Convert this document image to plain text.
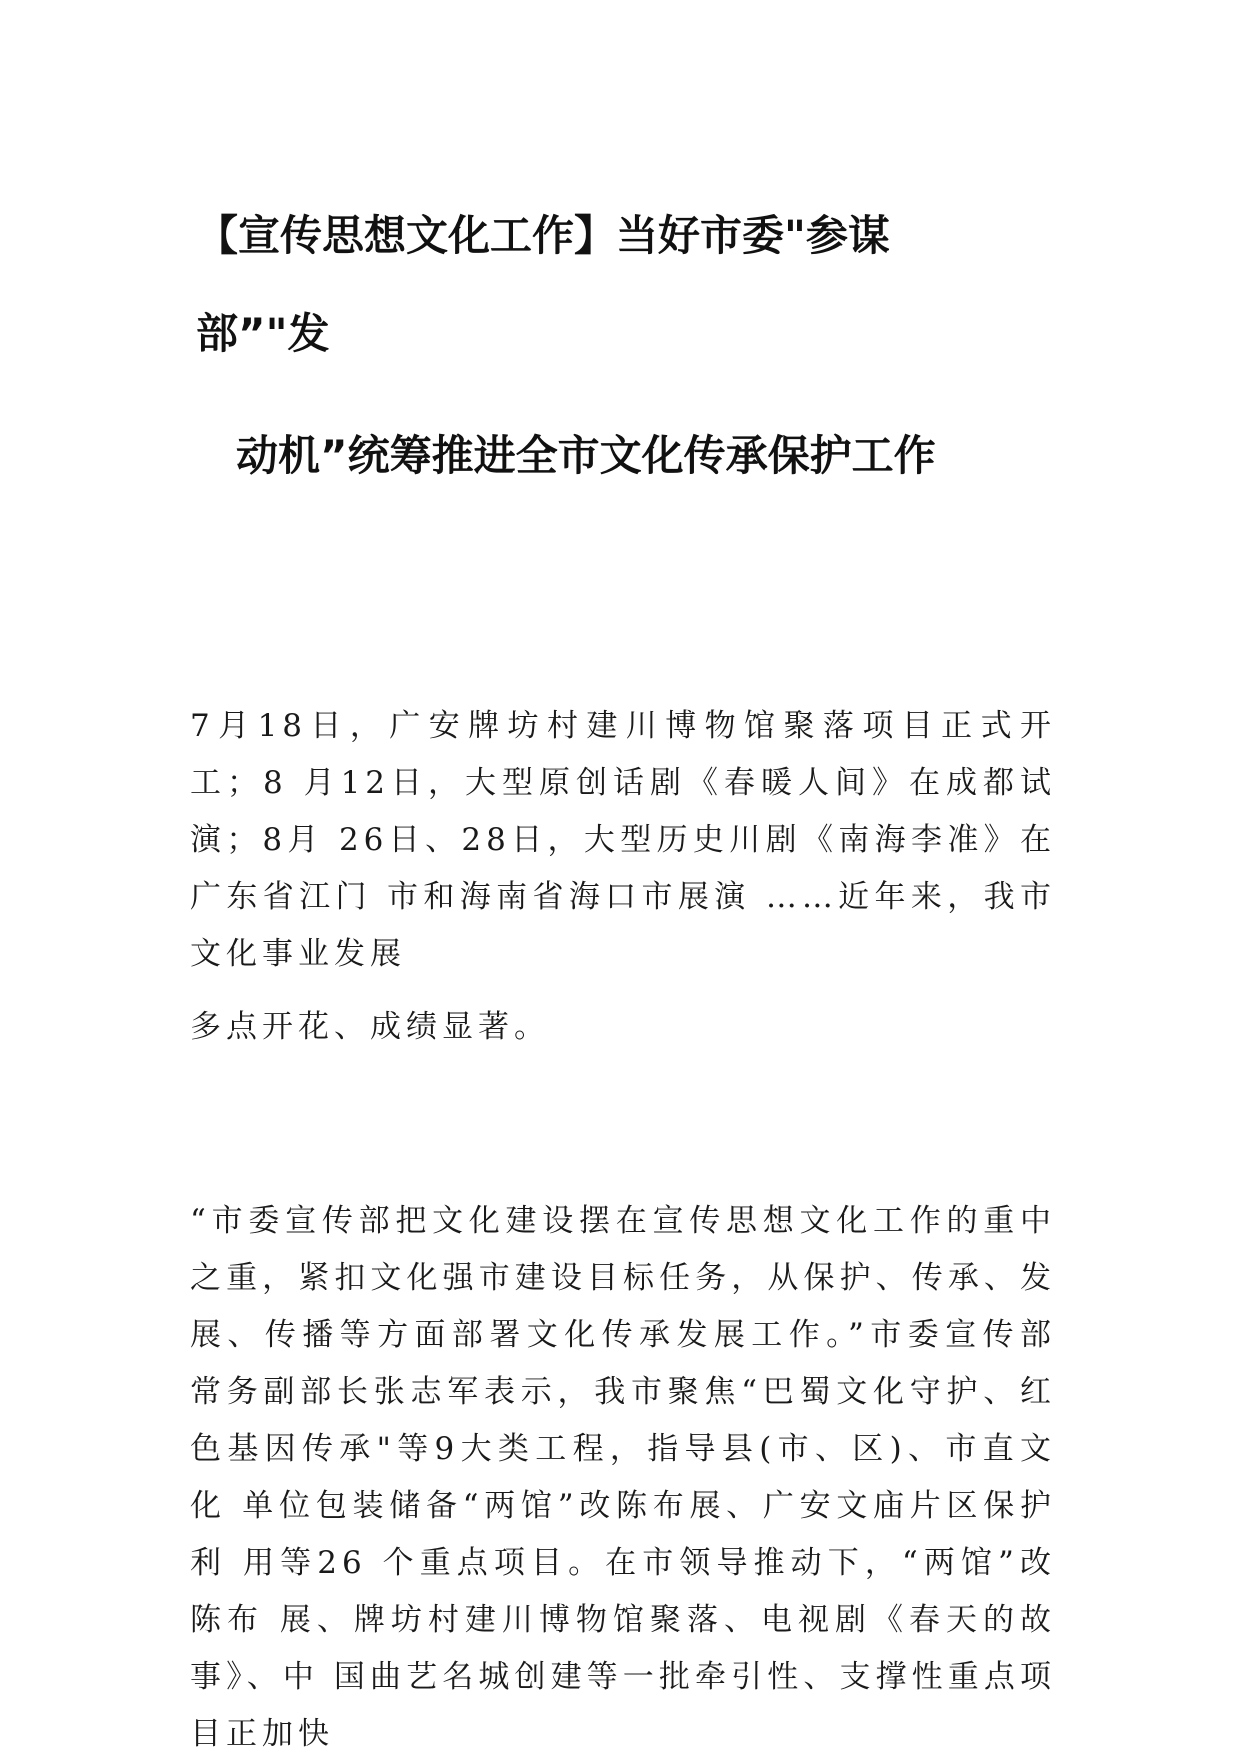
【宣传思想文化工作】当好市委"参谋
部”"发
动机”统筹推进全市文化传承保护工作
7月18日，广安牌坊村建川博物馆聚落项目正式开工；8 月12日，大型原创话剧《春暖人间》在成都试演；8月 26日、28日，大型历史川剧《南海李准》在广东省江门 市和海南省海口市展演 ……近年来，我市文化事业发展
多点开花、成绩显著。
“市委宣传部把文化建设摆在宣传思想文化工作的重中之重，紧扣文化强市建设目标任务，从保护、传承、发展、传播等方面部署文化传承发展工作。”市委宣传部常务副部长张志军表示，我市聚焦“巴蜀文化守护、红色基因传承"等9大类工程，指导县(市、区)、市直文化 单位包装储备“两馆”改陈布展、广安文庙片区保护利 用等26 个重点项目。在市领导推动下，“两馆”改陈布 展、牌坊村建川博物馆聚落、电视剧《春天的故事》、中 国曲艺名城创建等一批牵引性、支撑性重点项目正加快
